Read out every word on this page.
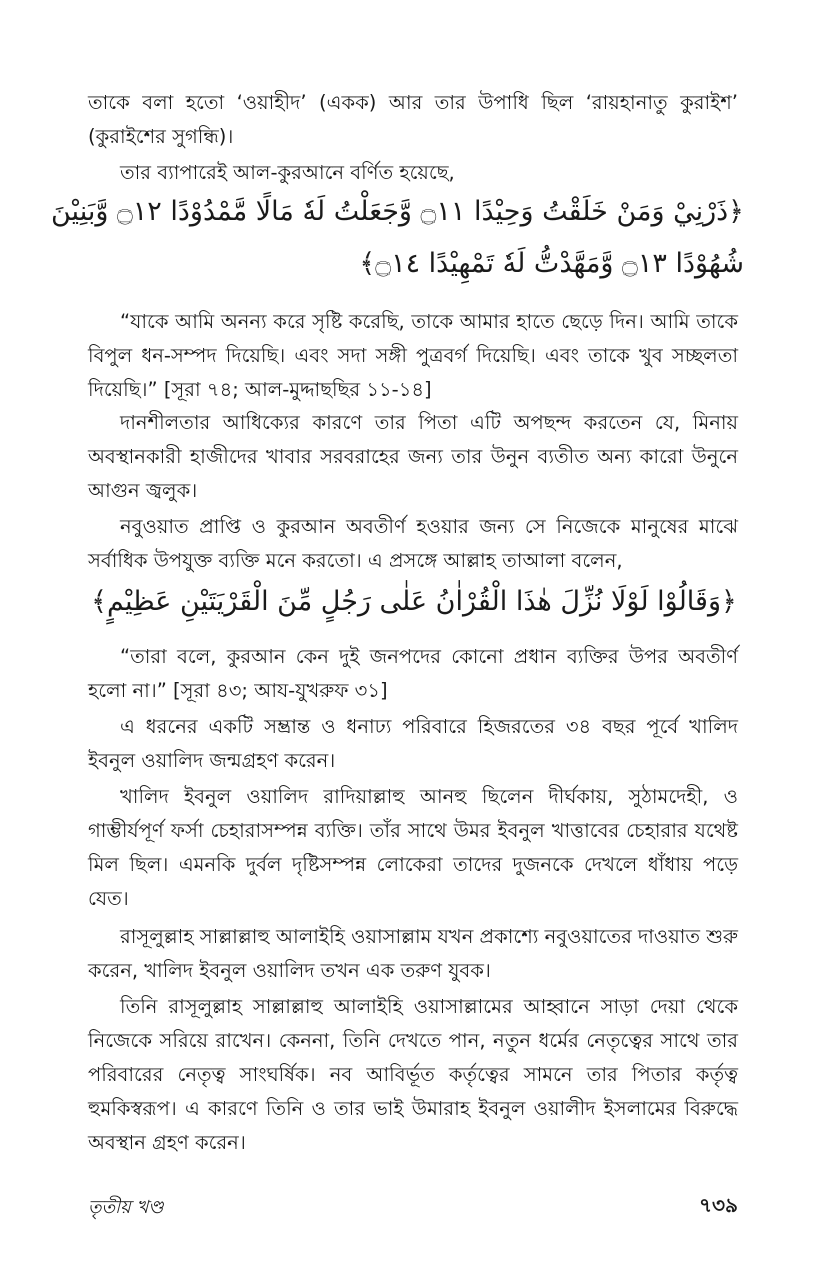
তাকে বলা হতো ‘ওয়াহীদ’ (একক) আর তার উপাধি ছিল ‘রায়হানাতু কুরাইশ’ (কুরাইশের সুগন্ধি)।

তার ব্যাপারেই আল-কুরআনে বর্ণিত হয়েছে,

﴿ذَرْنِيْ وَمَنْ خَلَقْتُ وَحِيْدًا ۝١١ وَّجَعَلْتُ لَهٗ مَالًا مَّمْدُوْدًا ۝١٢ وَّبَنِيْنَ

شُهُوْدًا ۝١٣ وَّمَهَّدْتُّ لَهٗ تَمْهِيْدًا ۝١٤﴾

“যাকে আমি অনন্য করে সৃষ্টি করেছি, তাকে আমার হাতে ছেড়ে দিন। আমি তাকে বিপুল ধন-সম্পদ দিয়েছি। এবং সদা সঙ্গী পুত্রবর্গ দিয়েছি। এবং তাকে খুব সচ্ছলতা দিয়েছি।” [সূরা ৭৪; আল-মুদ্দাছছির ১১-১৪]

দানশীলতার আধিক্যের কারণে তার পিতা এটি অপছন্দ করতেন যে, মিনায় অবস্থানকারী হাজীদের খাবার সরবরাহের জন্য তার উনুন ব্যতীত অন্য কারো উনুনে আগুন জ্বলুক।

নবুওয়াত প্রাপ্তি ও কুরআন অবতীর্ণ হওয়ার জন্য সে নিজেকে মানুষের মাঝে সর্বাধিক উপযুক্ত ব্যক্তি মনে করতো। এ প্রসঙ্গে আল্লাহ তাআলা বলেন,

﴿وَقَالُوْا لَوْلَا نُزِّلَ هٰذَا الْقُرْاٰنُ عَلٰى رَجُلٍ مِّنَ الْقَرْيَتَيْنِ عَظِيْمٍ﴾

“তারা বলে, কুরআন কেন দুই জনপদের কোনো প্রধান ব্যক্তির উপর অবতীর্ণ হলো না।” [সূরা ৪৩; আয-যুখরুফ ৩১]

এ ধরনের একটি সম্ভ্রান্ত ও ধনাঢ্য পরিবারে হিজরতের ৩৪ বছর পূর্বে খালিদ ইবনুল ওয়ালিদ জন্মগ্রহণ করেন।

খালিদ ইবনুল ওয়ালিদ রাদিয়াল্লাহু আনহু ছিলেন দীর্ঘকায়, সুঠামদেহী, ও গাম্ভীর্যপূর্ণ ফর্সা চেহারাসম্পন্ন ব্যক্তি। তাঁর সাথে উমর ইবনুল খাত্তাবের চেহারার যথেষ্ট মিল ছিল। এমনকি দুর্বল দৃষ্টিসম্পন্ন লোকেরা তাদের দুজনকে দেখলে ধাঁধায় পড়ে যেত।

রাসূলুল্লাহ সাল্লাল্লাহু আলাইহি ওয়াসাল্লাম যখন প্রকাশ্যে নবুওয়াতের দাওয়াত শুরু করেন, খালিদ ইবনুল ওয়ালিদ তখন এক তরুণ যুবক।

তিনি রাসূলুল্লাহ সাল্লাল্লাহু আলাইহি ওয়াসাল্লামের আহ্বানে সাড়া দেয়া থেকে নিজেকে সরিয়ে রাখেন। কেননা, তিনি দেখতে পান, নতুন ধর্মের নেতৃত্বের সাথে তার পরিবারের নেতৃত্ব সাংঘর্ষিক। নব আবির্ভূত কর্তৃত্বের সামনে তার পিতার কর্তৃত্ব হুমকিস্বরূপ। এ কারণে তিনি ও তার ভাই উমারাহ ইবনুল ওয়ালীদ ইসলামের বিরুদ্ধে অবস্থান গ্রহণ করেন।

তৃতীয় খণ্ড	৭৩৯
